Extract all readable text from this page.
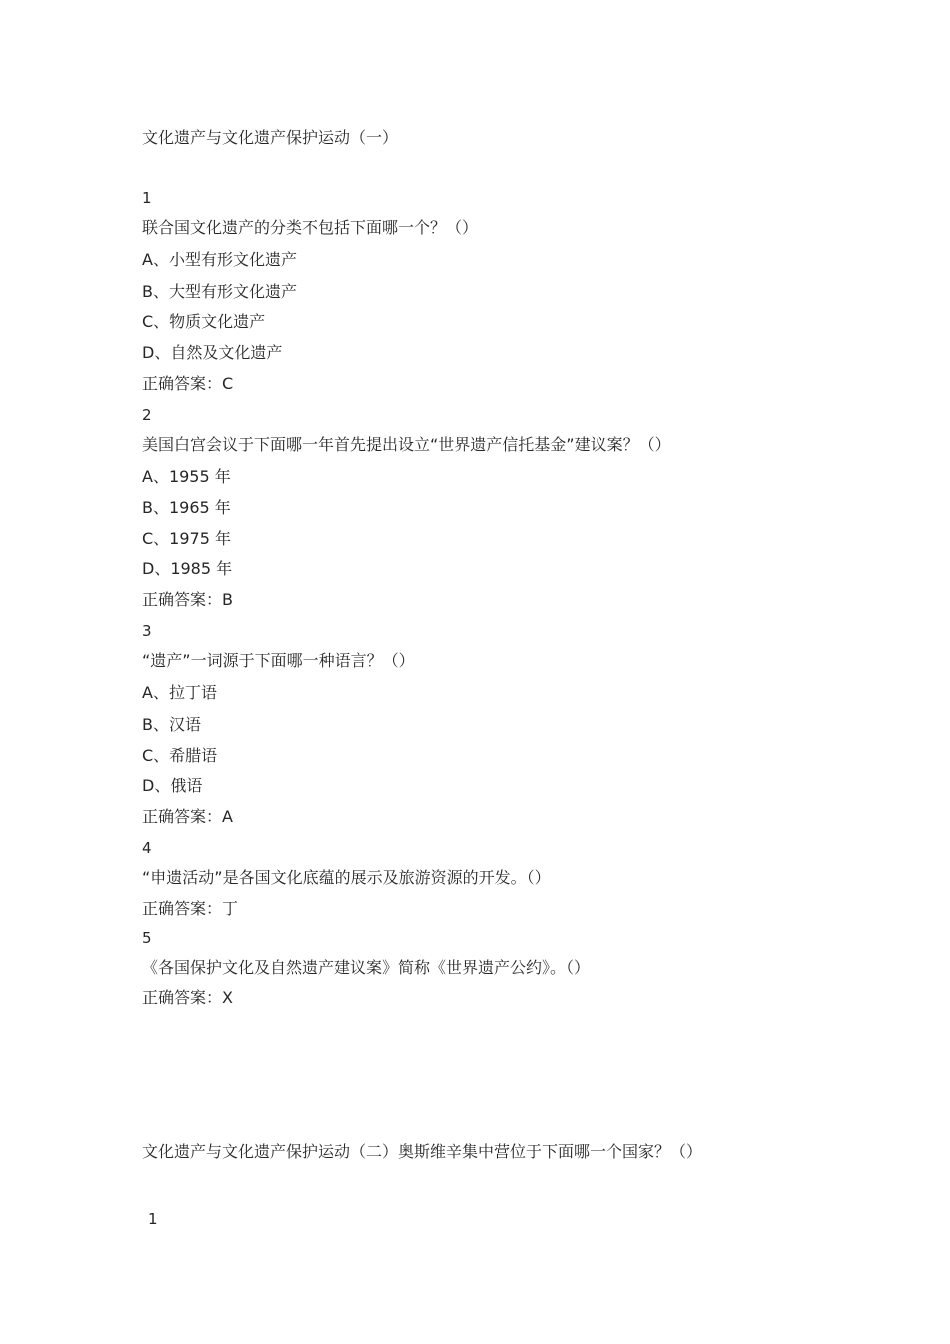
文化遗产与文化遗产保护运动（一）
1
联合国文化遗产的分类不包括下面哪一个？（）
A、小型有形文化遗产
B、大型有形文化遗产
C、物质文化遗产
D、自然及文化遗产
正确答案：C
2
美国白宫会议于下面哪一年首先提出设立“世界遗产信托基金”建议案？（）
A、1955 年
B、1965 年
C、1975 年
D、1985 年
正确答案：B
3
“遗产”一词源于下面哪一种语言？（）
A、拉丁语
B、汉语
C、希腊语
D、俄语
正确答案：A
4
“申遗活动”是各国文化底蕴的展示及旅游资源的开发。（）
正确答案：丁
5
《各国保护文化及自然遗产建议案》简称《世界遗产公约》。（）
正确答案：X
文化遗产与文化遗产保护运动（二）奥斯维辛集中营位于下面哪一个国家？（）
1
